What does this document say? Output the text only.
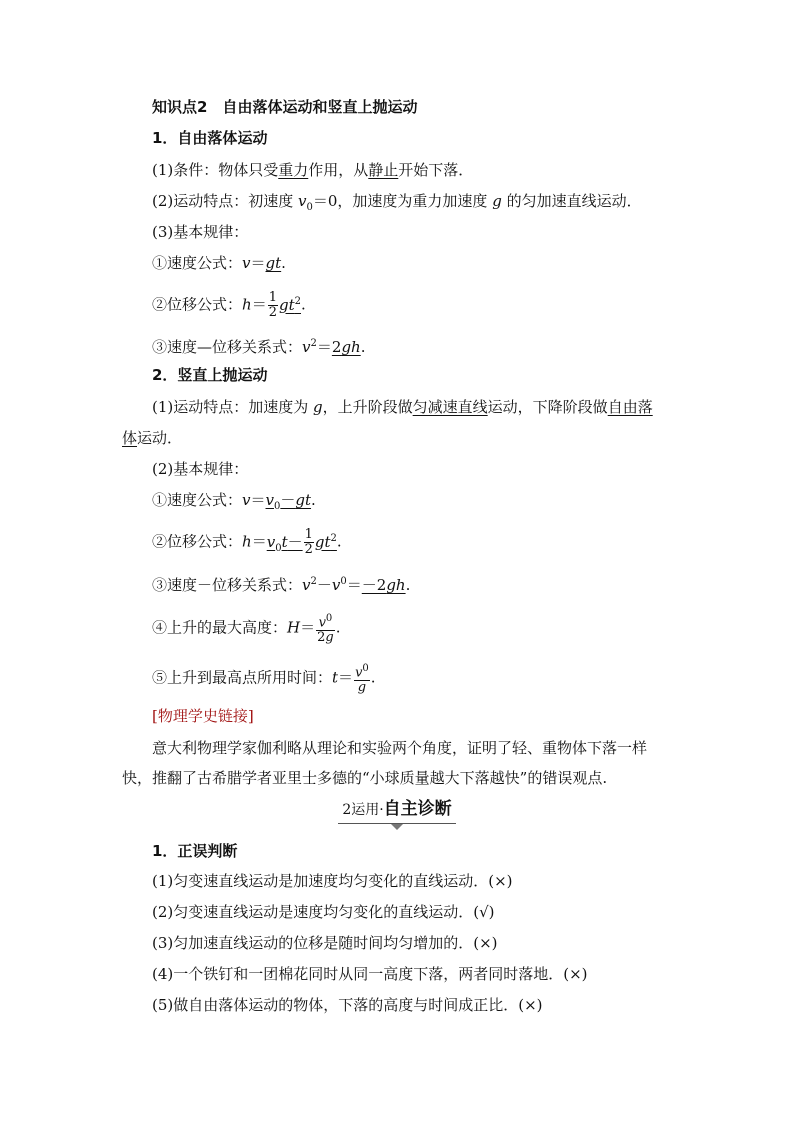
知识点2　自由落体运动和竖直上抛运动
1．自由落体运动
(1)条件：物体只受重力作用，从静止开始下落．
(2)运动特点：初速度 $v_0=0$，加速度为重力加速度 g 的匀加速直线运动．
(3)基本规律：
①速度公式：v＝gt.
②位移公式：$h= \frac{1}{2} gt^2$.
③速度—位移关系式：$v^2=2gh$.
2．竖直上抛运动
(1)运动特点：加速度为 g，上升阶段做匀减速直线运动，下降阶段做自由落
体运动．
(2)基本规律：
①速度公式：$v=v_0-gt$.
②位移公式：$h=v_0t- \frac{1}{2} gt^2$.
③速度－位移关系式：$v^2-v^0=-2gh$.
④上升的最大高度：$H= \frac{v^0}{2g}$ .
⑤上升到最高点所用时间：$t= \frac{v^0}{g}$ .
[物理学史链接]
意大利物理学家伽利略从理论和实验两个角度，证明了轻、重物体下落一样
快，推翻了古希腊学者亚里士多德的“小球质量越大下落越快”的错误观点.
2运用·自主诊断
1．正误判断
(1)匀变速直线运动是加速度均匀变化的直线运动．(×)
(2)匀变速直线运动是速度均匀变化的直线运动．(√)
(3)匀加速直线运动的位移是随时间均匀增加的．(×)
(4)一个铁钉和一团棉花同时从同一高度下落，两者同时落地．(×)
(5)做自由落体运动的物体，下落的高度与时间成正比．(×)
